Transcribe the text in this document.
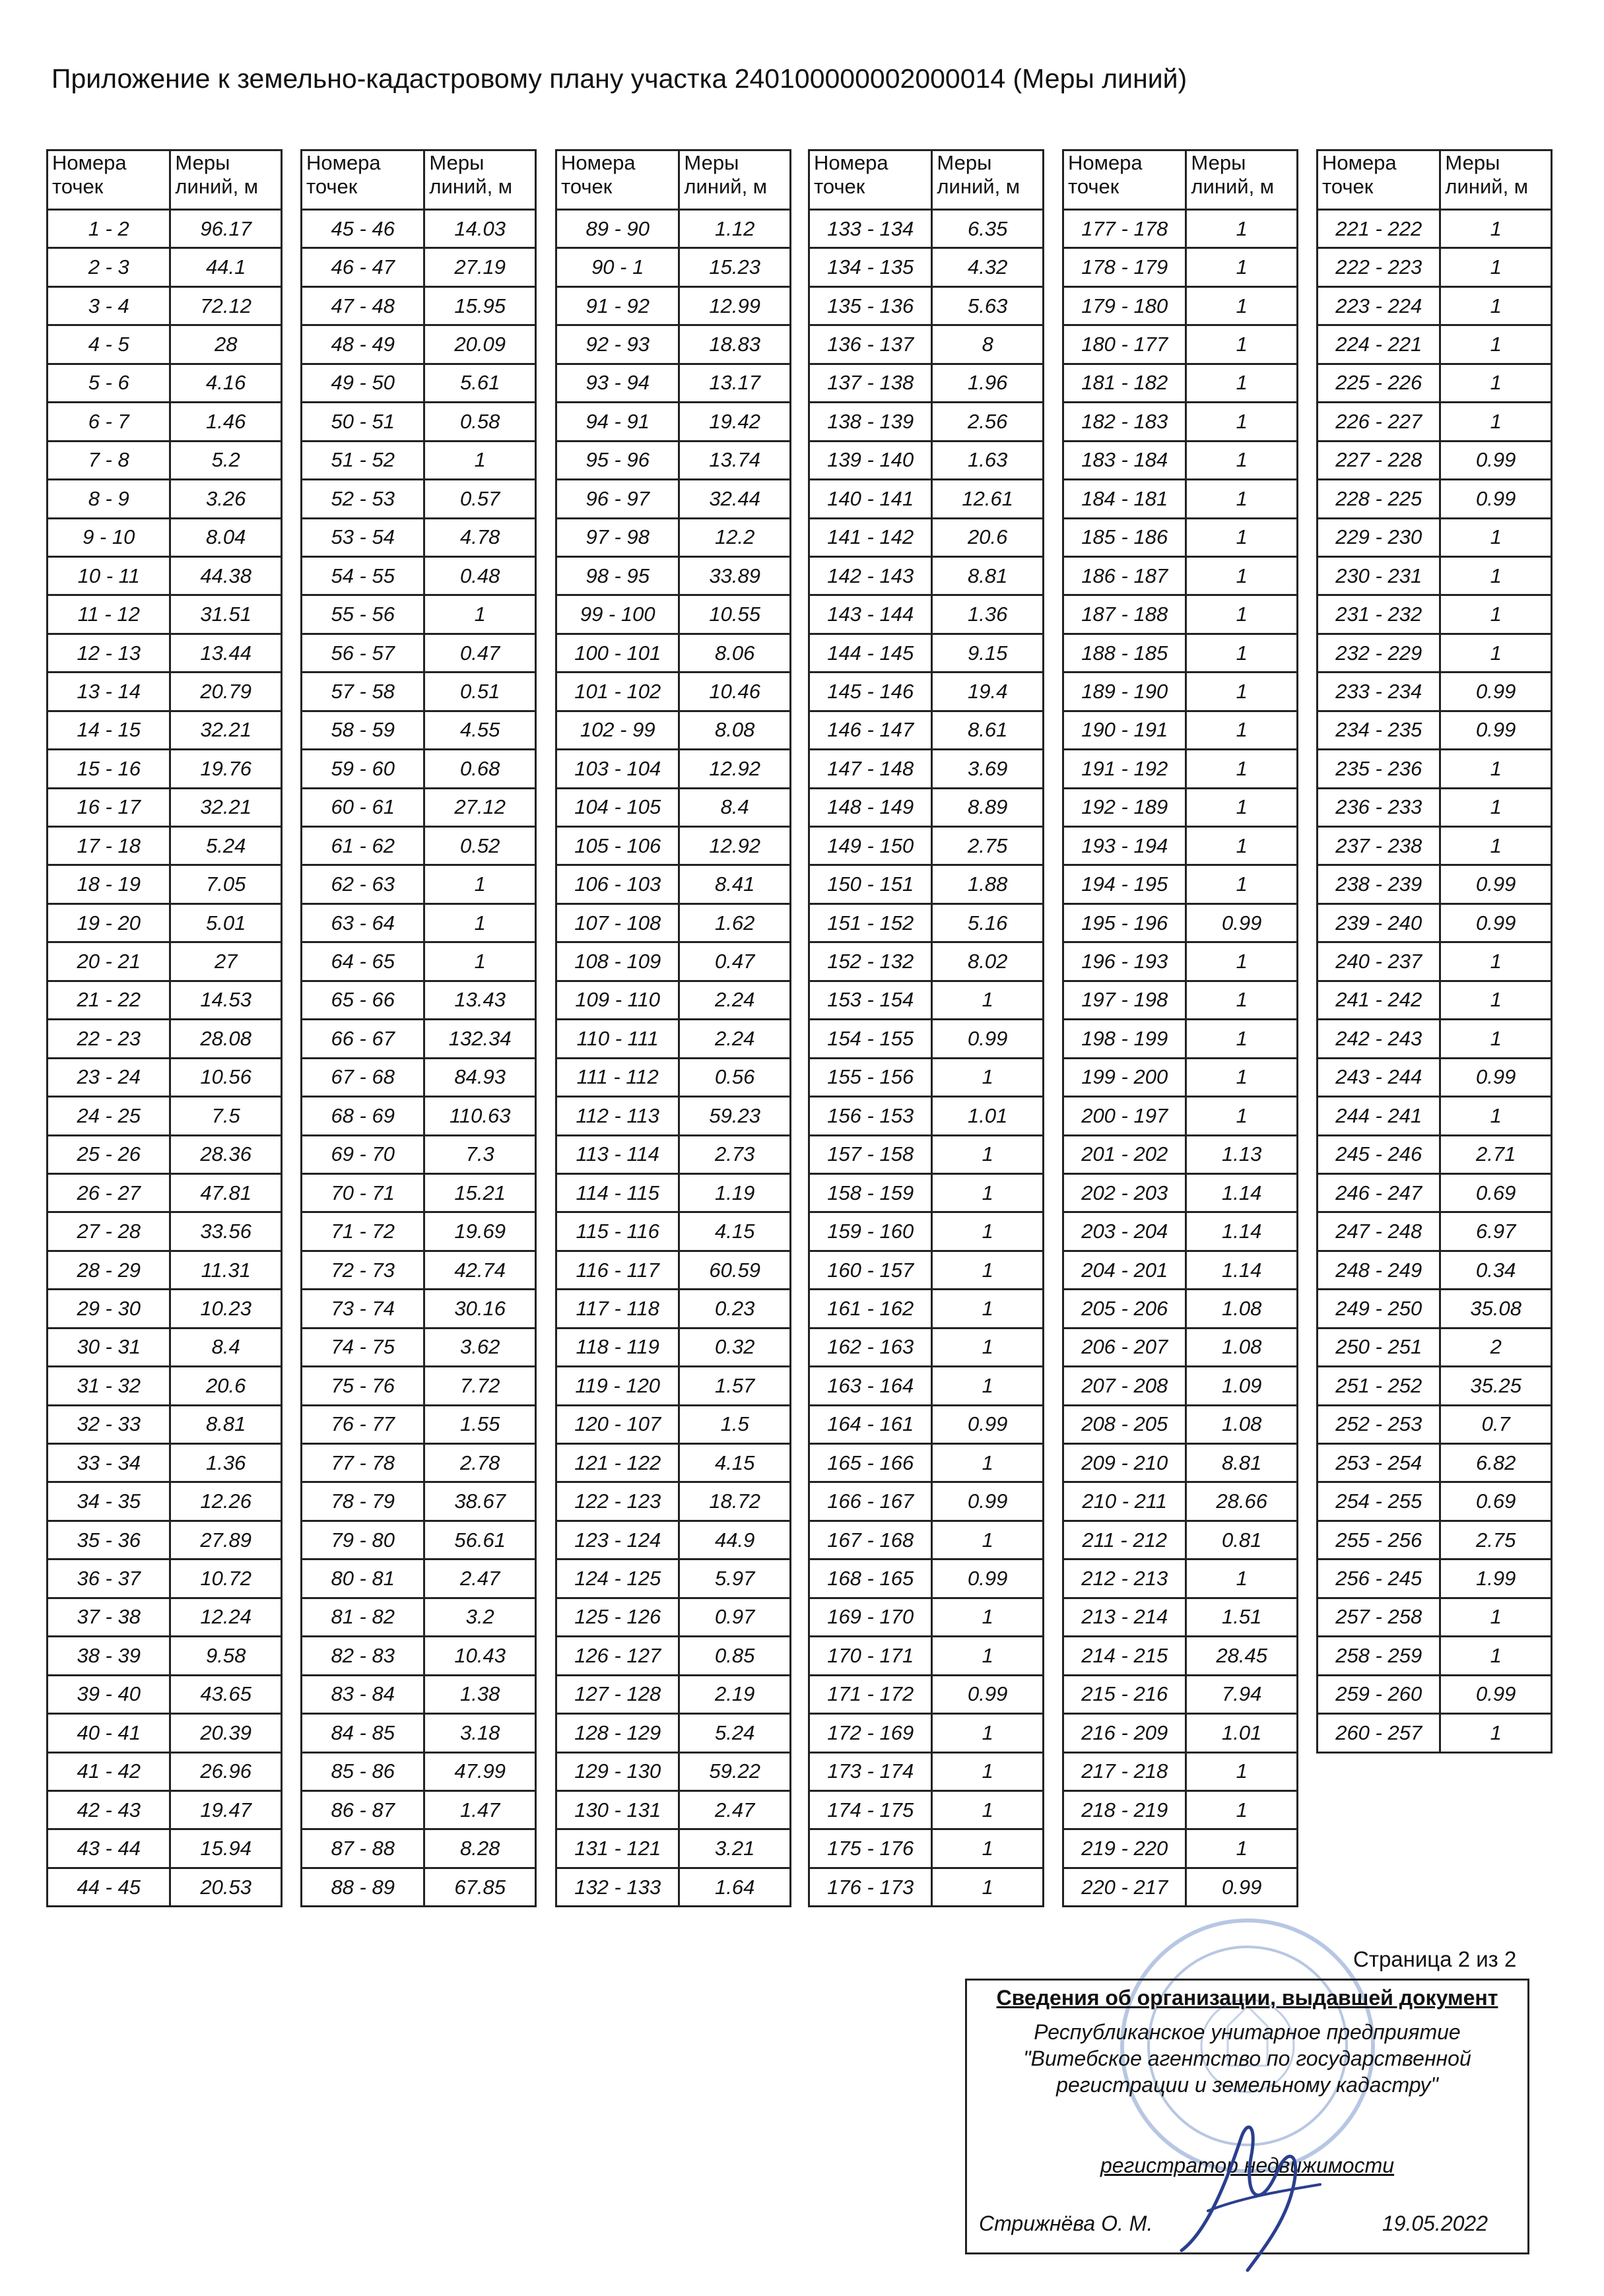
Приложение к земельно-кадастровому плану участка 240100000002000014 (Меры линий)
Номера
точек	Меры
линий, м
1 - 2	96.17
2 - 3	44.1
3 - 4	72.12
4 - 5	28
5 - 6	4.16
6 - 7	1.46
7 - 8	5.2
8 - 9	3.26
9 - 10	8.04
10 - 11	44.38
11 - 12	31.51
12 - 13	13.44
13 - 14	20.79
14 - 15	32.21
15 - 16	19.76
16 - 17	32.21
17 - 18	5.24
18 - 19	7.05
19 - 20	5.01
20 - 21	27
21 - 22	14.53
22 - 23	28.08
23 - 24	10.56
24 - 25	7.5
25 - 26	28.36
26 - 27	47.81
27 - 28	33.56
28 - 29	11.31
29 - 30	10.23
30 - 31	8.4
31 - 32	20.6
32 - 33	8.81
33 - 34	1.36
34 - 35	12.26
35 - 36	27.89
36 - 37	10.72
37 - 38	12.24
38 - 39	9.58
39 - 40	43.65
40 - 41	20.39
41 - 42	26.96
42 - 43	19.47
43 - 44	15.94
44 - 45	20.53
Номера
точек	Меры
линий, м
45 - 46	14.03
46 - 47	27.19
47 - 48	15.95
48 - 49	20.09
49 - 50	5.61
50 - 51	0.58
51 - 52	1
52 - 53	0.57
53 - 54	4.78
54 - 55	0.48
55 - 56	1
56 - 57	0.47
57 - 58	0.51
58 - 59	4.55
59 - 60	0.68
60 - 61	27.12
61 - 62	0.52
62 - 63	1
63 - 64	1
64 - 65	1
65 - 66	13.43
66 - 67	132.34
67 - 68	84.93
68 - 69	110.63
69 - 70	7.3
70 - 71	15.21
71 - 72	19.69
72 - 73	42.74
73 - 74	30.16
74 - 75	3.62
75 - 76	7.72
76 - 77	1.55
77 - 78	2.78
78 - 79	38.67
79 - 80	56.61
80 - 81	2.47
81 - 82	3.2
82 - 83	10.43
83 - 84	1.38
84 - 85	3.18
85 - 86	47.99
86 - 87	1.47
87 - 88	8.28
88 - 89	67.85
Номера
точек	Меры
линий, м
89 - 90	1.12
90 - 1	15.23
91 - 92	12.99
92 - 93	18.83
93 - 94	13.17
94 - 91	19.42
95 - 96	13.74
96 - 97	32.44
97 - 98	12.2
98 - 95	33.89
99 - 100	10.55
100 - 101	8.06
101 - 102	10.46
102 - 99	8.08
103 - 104	12.92
104 - 105	8.4
105 - 106	12.92
106 - 103	8.41
107 - 108	1.62
108 - 109	0.47
109 - 110	2.24
110 - 111	2.24
111 - 112	0.56
112 - 113	59.23
113 - 114	2.73
114 - 115	1.19
115 - 116	4.15
116 - 117	60.59
117 - 118	0.23
118 - 119	0.32
119 - 120	1.57
120 - 107	1.5
121 - 122	4.15
122 - 123	18.72
123 - 124	44.9
124 - 125	5.97
125 - 126	0.97
126 - 127	0.85
127 - 128	2.19
128 - 129	5.24
129 - 130	59.22
130 - 131	2.47
131 - 121	3.21
132 - 133	1.64
Номера
точек	Меры
линий, м
133 - 134	6.35
134 - 135	4.32
135 - 136	5.63
136 - 137	8
137 - 138	1.96
138 - 139	2.56
139 - 140	1.63
140 - 141	12.61
141 - 142	20.6
142 - 143	8.81
143 - 144	1.36
144 - 145	9.15
145 - 146	19.4
146 - 147	8.61
147 - 148	3.69
148 - 149	8.89
149 - 150	2.75
150 - 151	1.88
151 - 152	5.16
152 - 132	8.02
153 - 154	1
154 - 155	0.99
155 - 156	1
156 - 153	1.01
157 - 158	1
158 - 159	1
159 - 160	1
160 - 157	1
161 - 162	1
162 - 163	1
163 - 164	1
164 - 161	0.99
165 - 166	1
166 - 167	0.99
167 - 168	1
168 - 165	0.99
169 - 170	1
170 - 171	1
171 - 172	0.99
172 - 169	1
173 - 174	1
174 - 175	1
175 - 176	1
176 - 173	1
Номера
точек	Меры
линий, м
177 - 178	1
178 - 179	1
179 - 180	1
180 - 177	1
181 - 182	1
182 - 183	1
183 - 184	1
184 - 181	1
185 - 186	1
186 - 187	1
187 - 188	1
188 - 185	1
189 - 190	1
190 - 191	1
191 - 192	1
192 - 189	1
193 - 194	1
194 - 195	1
195 - 196	0.99
196 - 193	1
197 - 198	1
198 - 199	1
199 - 200	1
200 - 197	1
201 - 202	1.13
202 - 203	1.14
203 - 204	1.14
204 - 201	1.14
205 - 206	1.08
206 - 207	1.08
207 - 208	1.09
208 - 205	1.08
209 - 210	8.81
210 - 211	28.66
211 - 212	0.81
212 - 213	1
213 - 214	1.51
214 - 215	28.45
215 - 216	7.94
216 - 209	1.01
217 - 218	1
218 - 219	1
219 - 220	1
220 - 217	0.99
Номера
точек	Меры
линий, м
221 - 222	1
222 - 223	1
223 - 224	1
224 - 221	1
225 - 226	1
226 - 227	1
227 - 228	0.99
228 - 225	0.99
229 - 230	1
230 - 231	1
231 - 232	1
232 - 229	1
233 - 234	0.99
234 - 235	0.99
235 - 236	1
236 - 233	1
237 - 238	1
238 - 239	0.99
239 - 240	0.99
240 - 237	1
241 - 242	1
242 - 243	1
243 - 244	0.99
244 - 241	1
245 - 246	2.71
246 - 247	0.69
247 - 248	6.97
248 - 249	0.34
249 - 250	35.08
250 - 251	2
251 - 252	35.25
252 - 253	0.7
253 - 254	6.82
254 - 255	0.69
255 - 256	2.75
256 - 245	1.99
257 - 258	1
258 - 259	1
259 - 260	0.99
260 - 257	1
Страница 2 из 2
Сведения об организации, выдавшей документ
Республиканское унитарное предприятие
"Витебское агентство по государственной
регистрации и земельному кадастру"
регистратор недвижимости
Стрижнёва О. М.	19.05.2022
